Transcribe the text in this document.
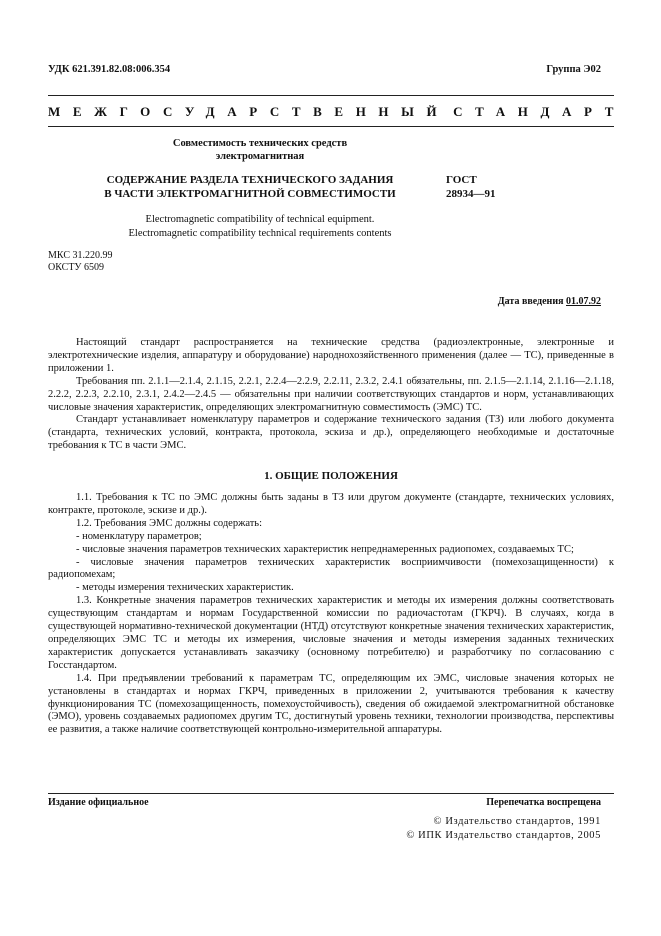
УДК 621.391.82.08:006.354	Группа Э02
МЕЖГОСУДАРСТВЕННЫЙ СТАНДАРТ
Совместимость технических средств
электромагнитная
СОДЕРЖАНИЕ РАЗДЕЛА ТЕХНИЧЕСКОГО ЗАДАНИЯ
В ЧАСТИ ЭЛЕКТРОМАГНИТНОЙ СОВМЕСТИМОСТИ
ГОСТ
28934—91
Electromagnetic compatibility of technical equipment.
Electromagnetic compatibility technical requirements contents
МКС 31.220.99
ОКСТУ 6509
Дата введения 01.07.92

Настоящий стандарт распространяется на технические средства (радиоэлектронные, электронные и электротехнические изделия, аппаратуру и оборудование) народнохозяйственного применения (далее — ТС), приведенные в приложении 1.

Требования пп. 2.1.1—2.1.4, 2.1.15, 2.2.1, 2.2.4—2.2.9, 2.2.11, 2.3.2, 2.4.1 обязательны, пп. 2.1.5—2.1.14, 2.1.16—2.1.18, 2.2.2, 2.2.3, 2.2.10, 2.3.1, 2.4.2—2.4.5 — обязательны при наличии соответствующих стандартов и норм, устанавливающих числовые значения характеристик, определяющих электромагнитную совместимость (ЭМС) ТС.

Стандарт устанавливает номенклатуру параметров и содержание технического задания (ТЗ) или любого документа (стандарта, технических условий, контракта, протокола, эскиза и др.), определяющего необходимые и достаточные требования к ТС в части ЭМС.

1. ОБЩИЕ ПОЛОЖЕНИЯ

1.1. Требования к ТС по ЭМС должны быть заданы в ТЗ или другом документе (стандарте, технических условиях, контракте, протоколе, эскизе и др.).

1.2. Требования ЭМС должны содержать:

- номенклатуру параметров;

- числовые значения параметров технических характеристик непреднамеренных радиопомех, создаваемых ТС;

- числовые значения параметров технических характеристик восприимчивости (помехозащищенности) к радиопомехам;

- методы измерения технических характеристик.

1.3. Конкретные значения параметров технических характеристик и методы их измерения должны соответствовать существующим стандартам и нормам Государственной комиссии по радиочастотам (ГКРЧ). В случаях, когда в существующей нормативно-технической документации (НТД) отсутствуют конкретные значения технических характеристик, определяющих ЭМС ТС и методы их измерения, числовые значения и методы измерения заданных технических характеристик допускается устанавливать заказчику (основному потребителю) и разработчику по согласованию с Госстандартом.

1.4. При предъявлении требований к параметрам ТС, определяющим их ЭМС, числовые значения которых не установлены в стандартах и нормах ГКРЧ, приведенных в приложении 2, учитываются требования к качеству функционирования ТС (помехозащищенность, помехоустойчивость), сведения об ожидаемой электромагнитной обстановке (ЭМО), уровень создаваемых радиопомех другим ТС, достигнутый уровень техники, технологии производства, перспективы ее развития, а также наличие соответствующей контрольно-измерительной аппаратуры.

Издание официальное	Перепечатка воспрещена
© Издательство стандартов, 1991
© ИПК Издательство стандартов, 2005
